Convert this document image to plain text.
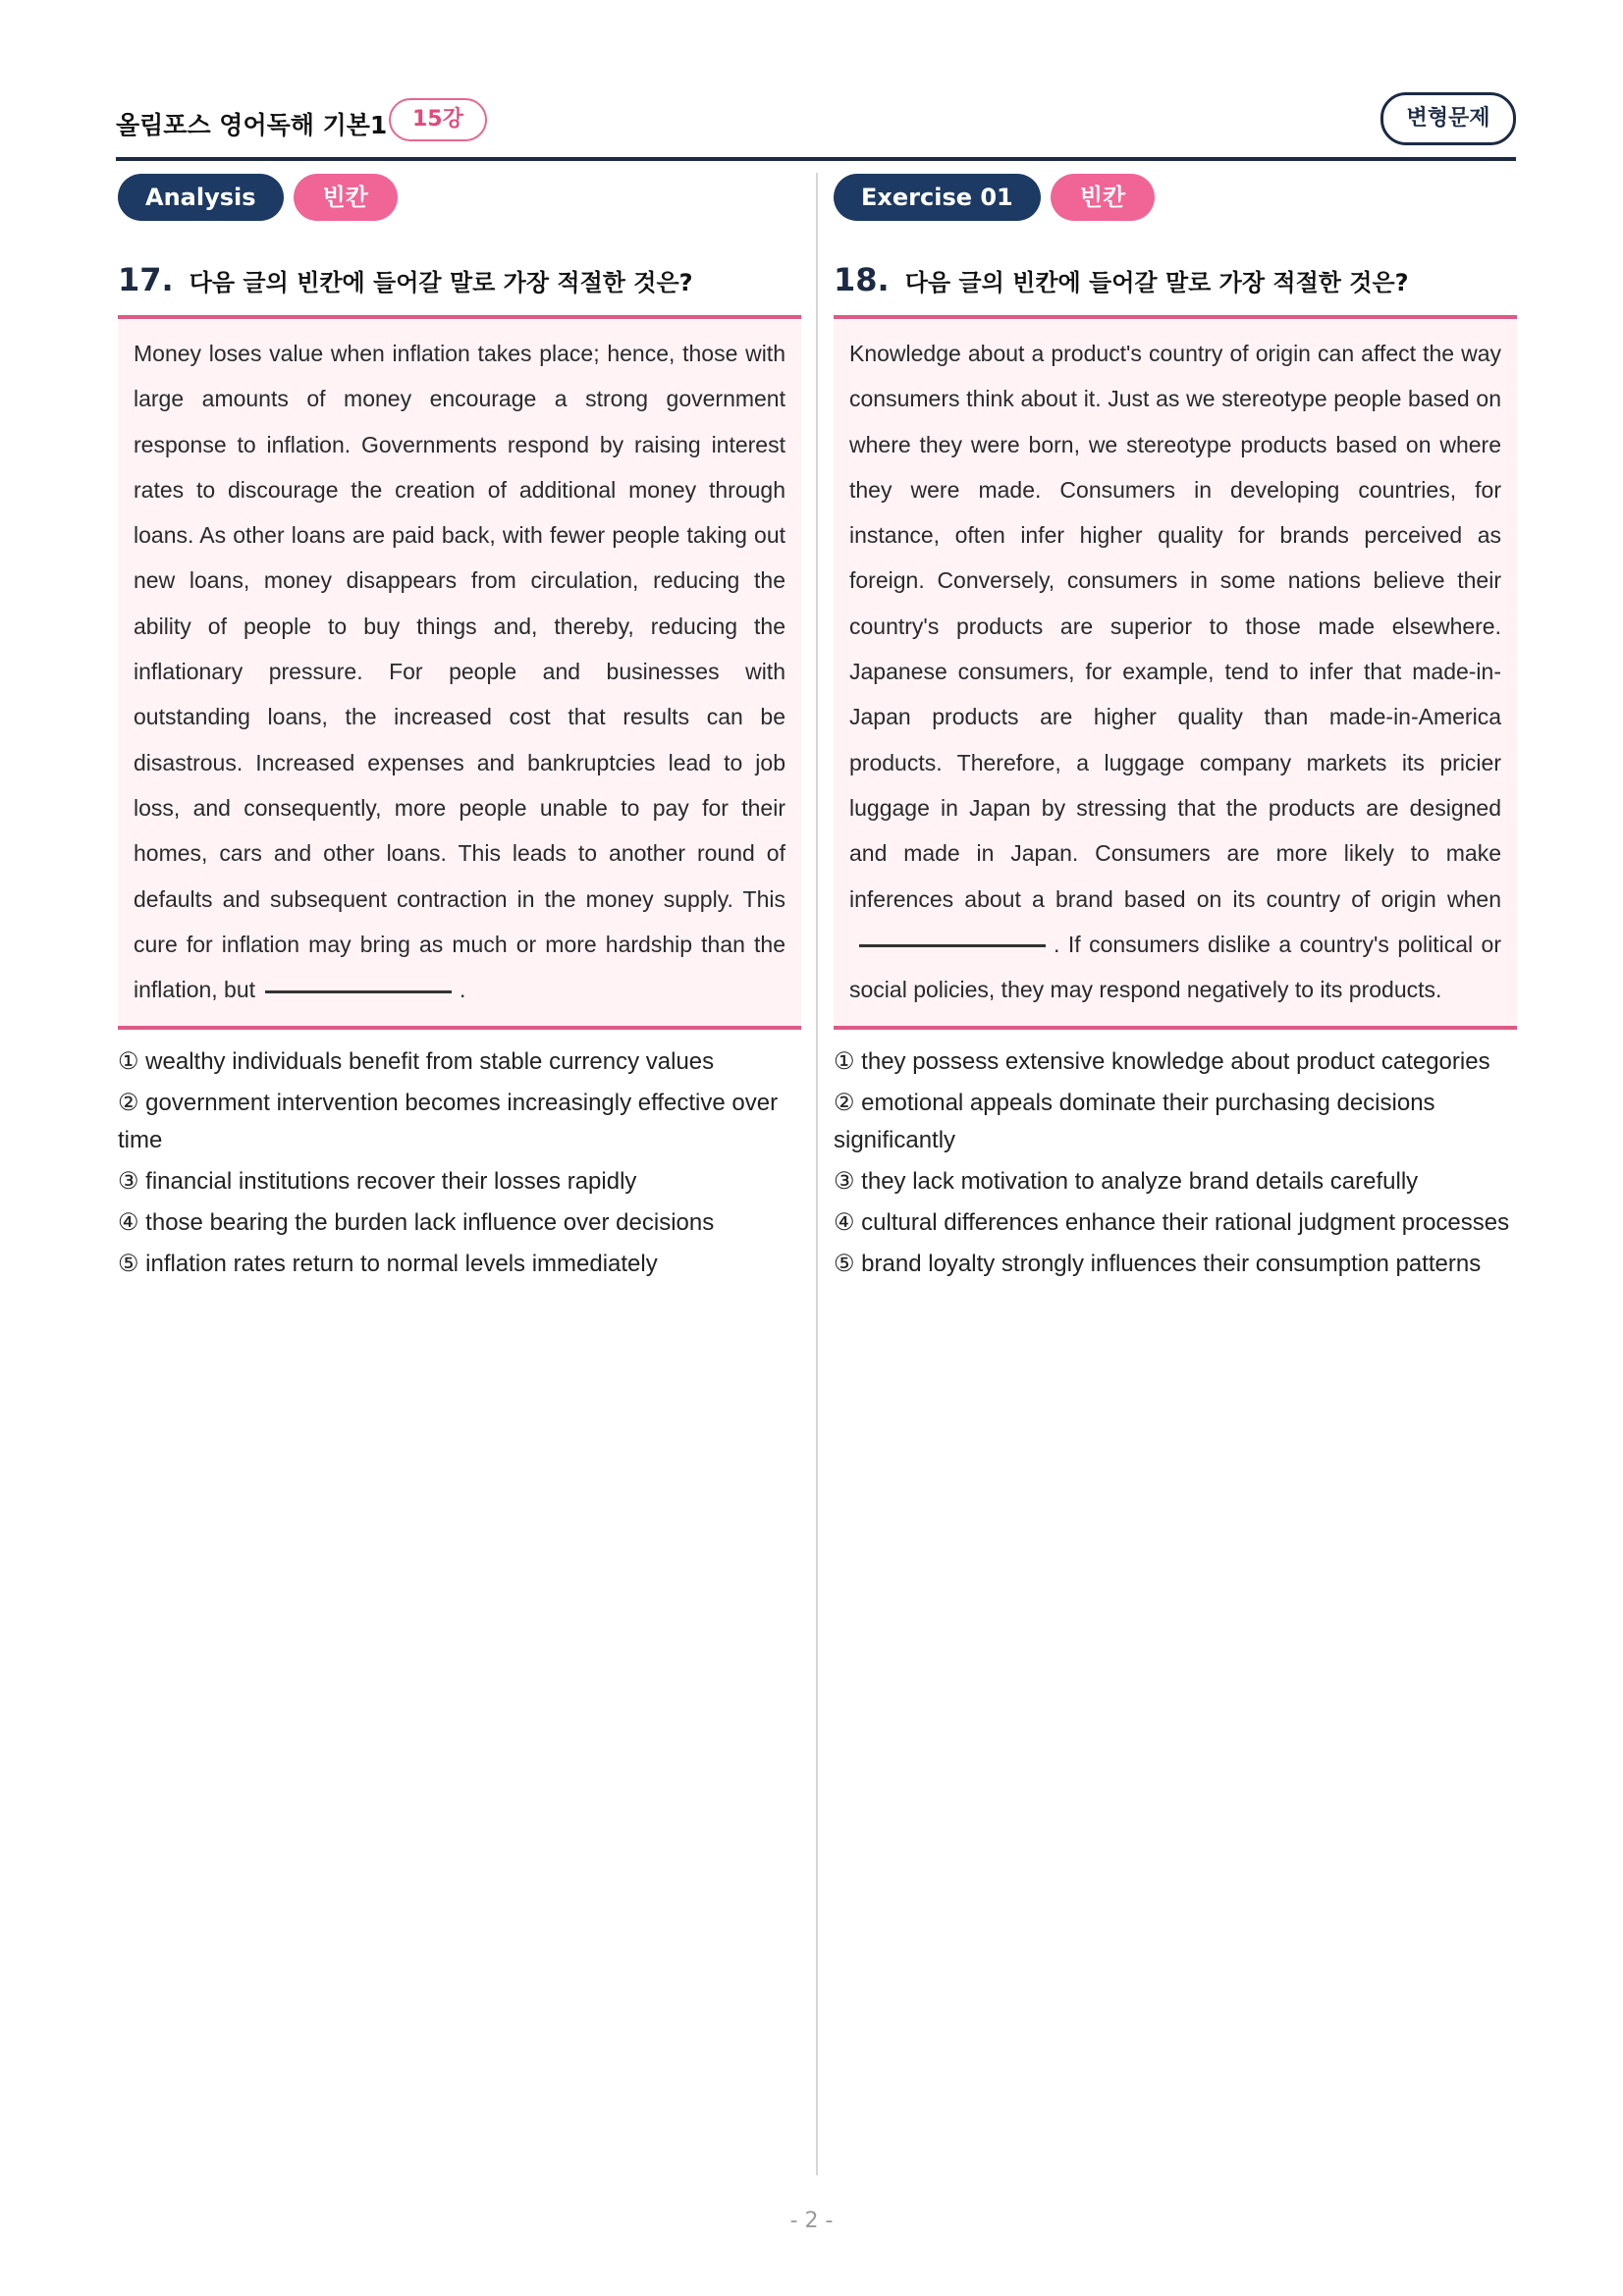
올림포스 영어독해 기본1	15강	변형문제
Analysis	빈칸
17. 다음 글의 빈칸에 들어갈 말로 가장 적절한 것은?
Money loses value when inflation takes place; hence, those with large amounts of money encourage a strong government response to inflation. Governments respond by raising interest rates to discourage the creation of additional money through loans. As other loans are paid back, with fewer people taking out new loans, money disappears from circulation, reducing the ability of people to buy things and, thereby, reducing the inflationary pressure. For people and businesses with outstanding loans, the increased cost that results can be disastrous. Increased expenses and bankruptcies lead to job loss, and consequently, more people unable to pay for their homes, cars and other loans. This leads to another round of defaults and subsequent contraction in the money supply. This cure for inflation may bring as much or more hardship than the inflation, but	.
① wealthy individuals benefit from stable currency values
② government intervention becomes increasingly effective over time
③ financial institutions recover their losses rapidly
④ those bearing the burden lack influence over decisions
⑤ inflation rates return to normal levels immediately
Exercise 01	빈칸
18. 다음 글의 빈칸에 들어갈 말로 가장 적절한 것은?
Knowledge about a product's country of origin can affect the way consumers think about it. Just as we stereotype people based on where they were born, we stereotype products based on where they were made. Consumers in developing countries, for instance, often infer higher quality for brands perceived as foreign. Conversely, consumers in some nations believe their country's products are superior to those made elsewhere. Japanese consumers, for example, tend to infer that made-in-Japan products are higher quality than made-in-America products. Therefore, a luggage company markets its pricier luggage in Japan by stressing that the products are designed and made in Japan. Consumers are more likely to make inferences about a brand based on its country of origin when. If consumers dislike a country's political or social policies, they may respond negatively to its products.
① they possess extensive knowledge about product categories
② emotional appeals dominate their purchasing decisions significantly
③ they lack motivation to analyze brand details carefully
④ cultural differences enhance their rational judgment processes
⑤ brand loyalty strongly influences their consumption patterns
- 2 -
